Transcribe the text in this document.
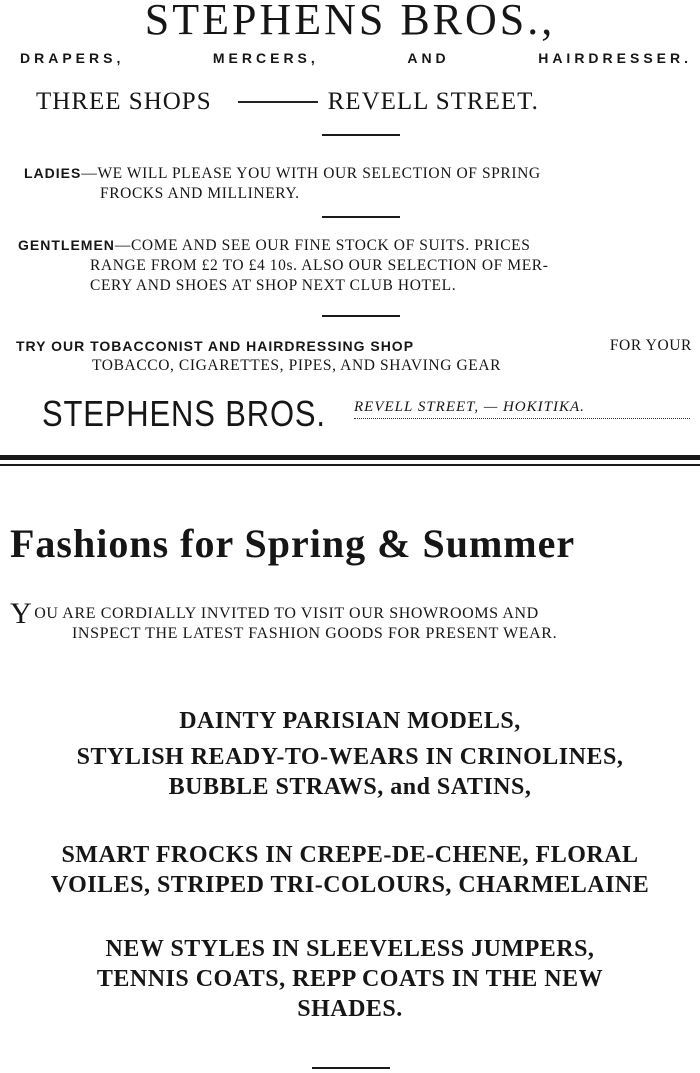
STEPHENS BROS.,
DRAPERS,	MERCERS,	AND	HAIRDRESSER.
THREE SHOPS	REVELL STREET.
LADIES—WE WILL PLEASE YOU WITH OUR SELECTION OF SPRING
FROCKS AND MILLINERY.
GENTLEMEN—COME AND SEE OUR FINE STOCK OF SUITS. PRICES
RANGE FROM £2 TO £4 10s. ALSO OUR SELECTION OF MER-
CERY AND SHOES AT SHOP NEXT CLUB HOTEL.
TRY OUR TOBACCONIST AND HAIRDRESSING SHOP	FOR YOUR
TOBACCO, CIGARETTES, PIPES, AND SHAVING GEAR
STEPHENS BROS. REVELL STREET, — HOKITIKA.
Fashions for Spring & Summer
YOU ARE CORDIALLY INVITED TO VISIT OUR SHOWROOMS AND
INSPECT THE LATEST FASHION GOODS FOR PRESENT WEAR.
DAINTY PARISIAN MODELS,
STYLISH READY-TO-WEARS IN CRINOLINES,
BUBBLE STRAWS, and SATINS,
SMART FROCKS IN CREPE-DE-CHENE, FLORAL
VOILES, STRIPED TRI-COLOURS, CHARMELAINE
NEW STYLES IN SLEEVELESS JUMPERS,
TENNIS COATS, REPP COATS IN THE NEW
SHADES.
